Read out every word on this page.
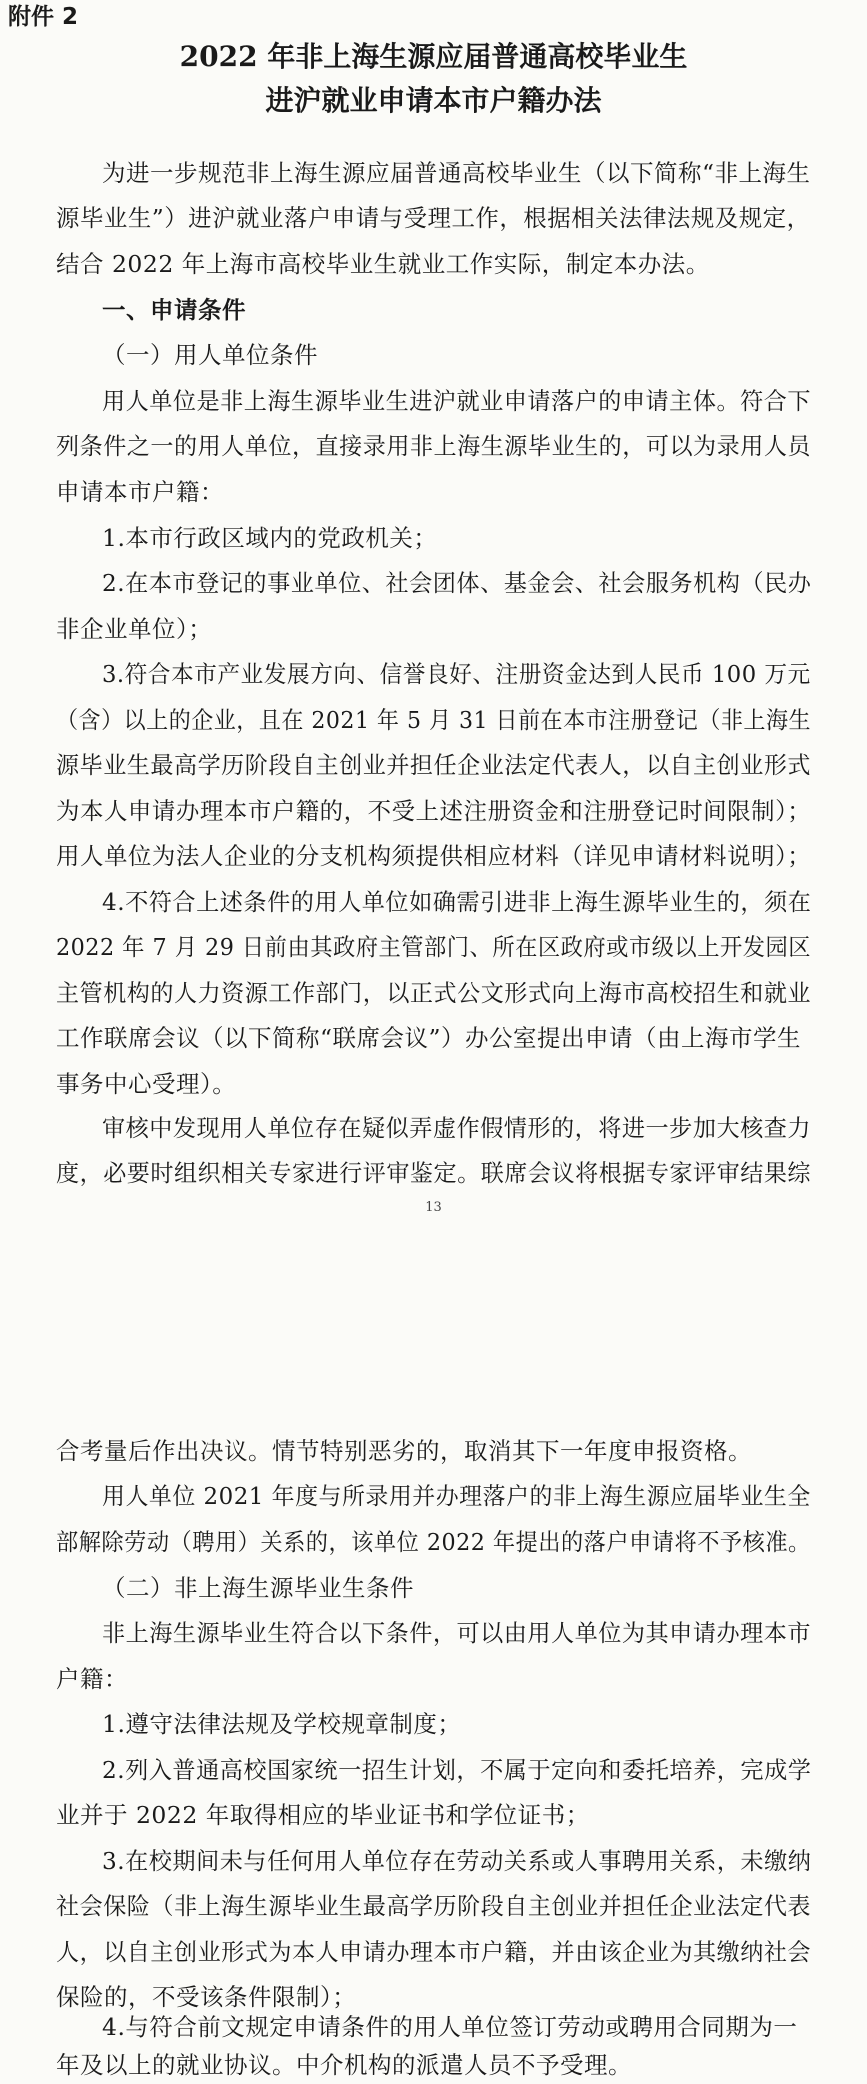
附件 2
2022 年非上海生源应届普通高校毕业生
进沪就业申请本市户籍办法
为进一步规范非上海生源应届普通高校毕业生（以下简称“非上海生
源毕业生”）进沪就业落户申请与受理工作，根据相关法律法规及规定，
结合 2022 年上海市高校毕业生就业工作实际，制定本办法。
一、申请条件
（一）用人单位条件
用人单位是非上海生源毕业生进沪就业申请落户的申请主体。符合下
列条件之一的用人单位，直接录用非上海生源毕业生的，可以为录用人员
申请本市户籍：
1.本市行政区域内的党政机关；
2.在本市登记的事业单位、社会团体、基金会、社会服务机构（民办
非企业单位）；
3.符合本市产业发展方向、信誉良好、注册资金达到人民币 100 万元
（含）以上的企业，且在 2021 年 5 月 31 日前在本市注册登记（非上海生
源毕业生最高学历阶段自主创业并担任企业法定代表人，以自主创业形式
为本人申请办理本市户籍的，不受上述注册资金和注册登记时间限制）；
用人单位为法人企业的分支机构须提供相应材料（详见申请材料说明）；
4.不符合上述条件的用人单位如确需引进非上海生源毕业生的，须在
2022 年 7 月 29 日前由其政府主管部门、所在区政府或市级以上开发园区
主管机构的人力资源工作部门，以正式公文形式向上海市高校招生和就业
工作联席会议（以下简称“联席会议”）办公室提出申请（由上海市学生
事务中心受理）。
审核中发现用人单位存在疑似弄虚作假情形的，将进一步加大核查力
度，必要时组织相关专家进行评审鉴定。联席会议将根据专家评审结果综
13
合考量后作出决议。情节特别恶劣的，取消其下一年度申报资格。
用人单位 2021 年度与所录用并办理落户的非上海生源应届毕业生全
部解除劳动（聘用）关系的，该单位 2022 年提出的落户申请将不予核准。
（二）非上海生源毕业生条件
非上海生源毕业生符合以下条件，可以由用人单位为其申请办理本市
户籍：
1.遵守法律法规及学校规章制度；
2.列入普通高校国家统一招生计划，不属于定向和委托培养，完成学
业并于 2022 年取得相应的毕业证书和学位证书；
3.在校期间未与任何用人单位存在劳动关系或人事聘用关系，未缴纳
社会保险（非上海生源毕业生最高学历阶段自主创业并担任企业法定代表
人，以自主创业形式为本人申请办理本市户籍，并由该企业为其缴纳社会
保险的，不受该条件限制）；
4.与符合前文规定申请条件的用人单位签订劳动或聘用合同期为一
年及以上的就业协议。中介机构的派遣人员不予受理。
